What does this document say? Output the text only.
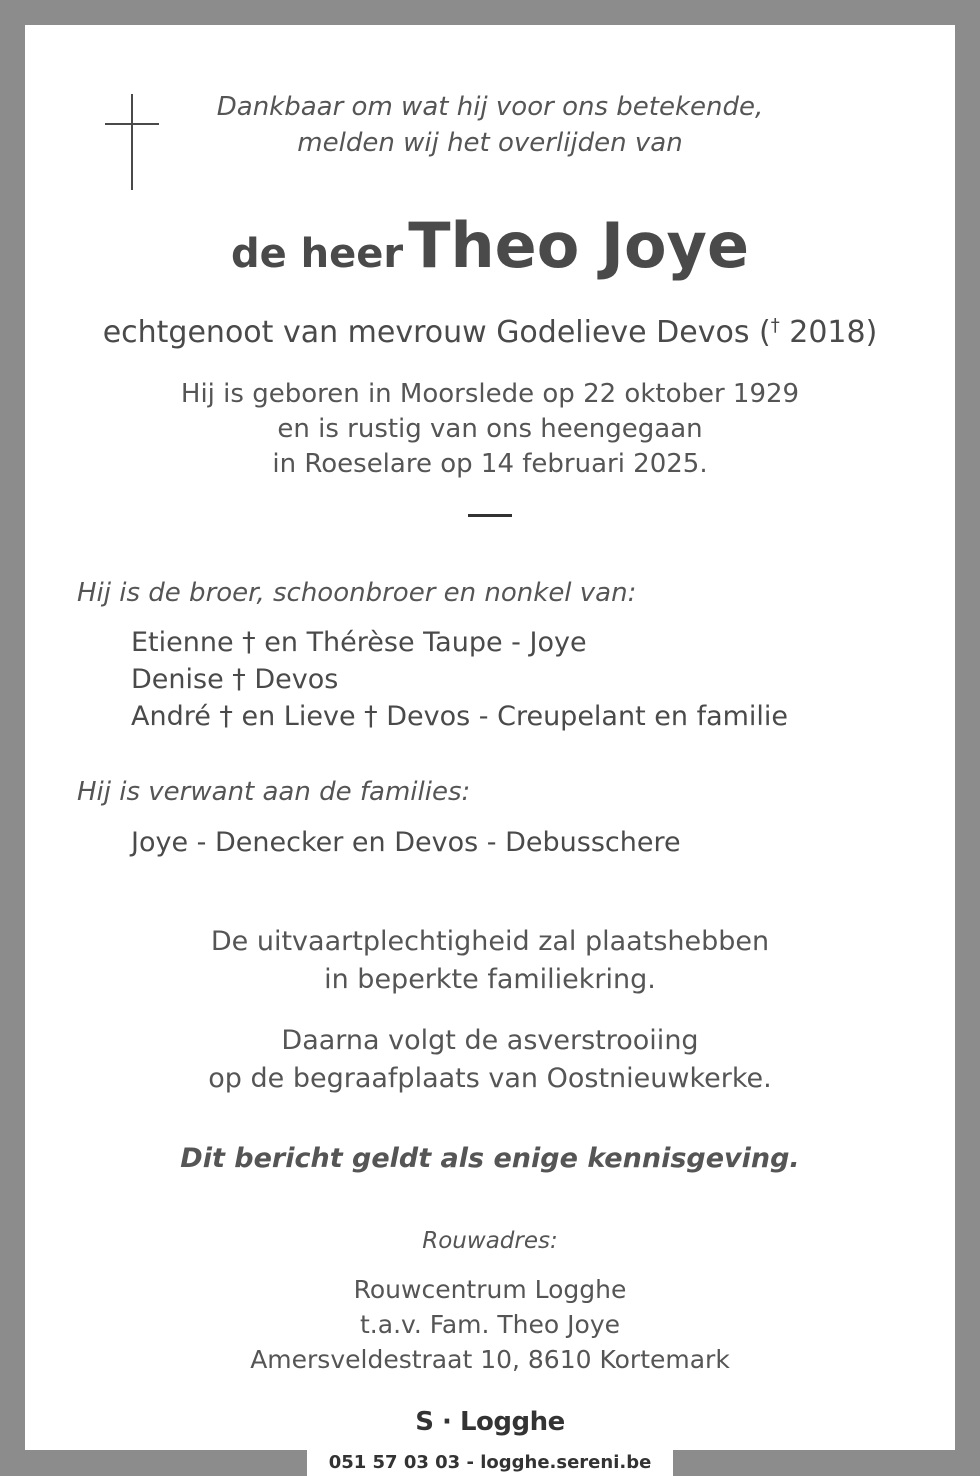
Dankbaar om wat hij voor ons betekende,
melden wij het overlijden van
de heer Theo Joye
echtgenoot van mevrouw Godelieve Devos († 2018)
Hij is geboren in Moorslede op 22 oktober 1929
en is rustig van ons heengegaan
in Roeselare op 14 februari 2025.
Hij is de broer, schoonbroer en nonkel van:
Etienne † en Thérèse Taupe - Joye
Denise † Devos
André † en Lieve † Devos - Creupelant en familie
Hij is verwant aan de families:
Joye - Denecker en Devos - Debusschere
De uitvaartplechtigheid zal plaatshebben
in beperkte familiekring.
Daarna volgt de asverstrooiing
op de begraafplaats van Oostnieuwkerke.
Dit bericht geldt als enige kennisgeving.
Rouwadres:
Rouwcentrum Logghe
t.a.v. Fam. Theo Joye
Amersveldestraat 10, 8610 Kortemark
S · Logghe
051 57 03 03 - logghe.sereni.be
